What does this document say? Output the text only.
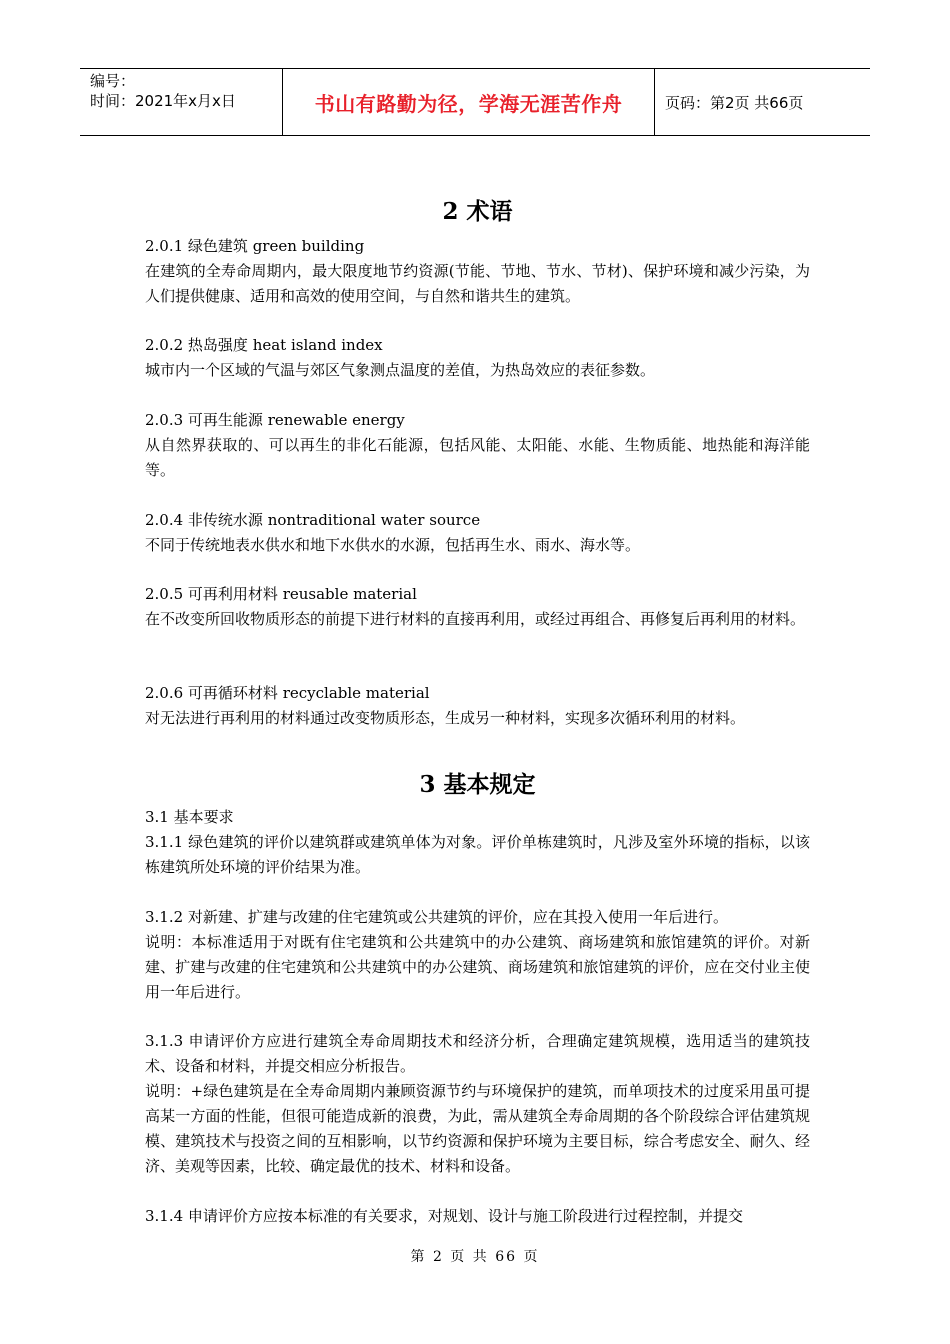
编号：
时间：2021年x月x日	书山有路勤为径，学海无涯苦作舟	页码：第2页 共66页
2 术语
2.0.1 绿色建筑 green building
在建筑的全寿命周期内，最大限度地节约资源(节能、节地、节水、节材)、保护环境和减少污染，为人们提供健康、适用和高效的使用空间，与自然和谐共生的建筑。
2.0.2 热岛强度 heat island index
城市内一个区域的气温与郊区气象测点温度的差值，为热岛效应的表征参数。
2.0.3 可再生能源 renewable energy
从自然界获取的、可以再生的非化石能源，包括风能、太阳能、水能、生物质能、地热能和海洋能等。
2.0.4 非传统水源 nontraditional water source
不同于传统地表水供水和地下水供水的水源，包括再生水、雨水、海水等。
2.0.5 可再利用材料 reusable material
在不改变所回收物质形态的前提下进行材料的直接再利用，或经过再组合、再修复后再利用的材料。
2.0.6 可再循环材料 recyclable material
对无法进行再利用的材料通过改变物质形态，生成另一种材料，实现多次循环利用的材料。
3 基本规定
3.1 基本要求
3.1.1 绿色建筑的评价以建筑群或建筑单体为对象。评价单栋建筑时，凡涉及室外环境的指标，以该栋建筑所处环境的评价结果为准。
3.1.2 对新建、扩建与改建的住宅建筑或公共建筑的评价，应在其投入使用一年后进行。
说明：本标准适用于对既有住宅建筑和公共建筑中的办公建筑、商场建筑和旅馆建筑的评价。对新建、扩建与改建的住宅建筑和公共建筑中的办公建筑、商场建筑和旅馆建筑的评价，应在交付业主使用一年后进行。
3.1.3 申请评价方应进行建筑全寿命周期技术和经济分析，合理确定建筑规模，选用适当的建筑技术、设备和材料，并提交相应分析报告。
说明：+绿色建筑是在全寿命周期内兼顾资源节约与环境保护的建筑，而单项技术的过度采用虽可提高某一方面的性能，但很可能造成新的浪费，为此，需从建筑全寿命周期的各个阶段综合评估建筑规模、建筑技术与投资之间的互相影响，以节约资源和保护环境为主要目标，综合考虑安全、耐久、经济、美观等因素，比较、确定最优的技术、材料和设备。
3.1.4 申请评价方应按本标准的有关要求，对规划、设计与施工阶段进行过程控制，并提交
第 2 页 共 66 页
